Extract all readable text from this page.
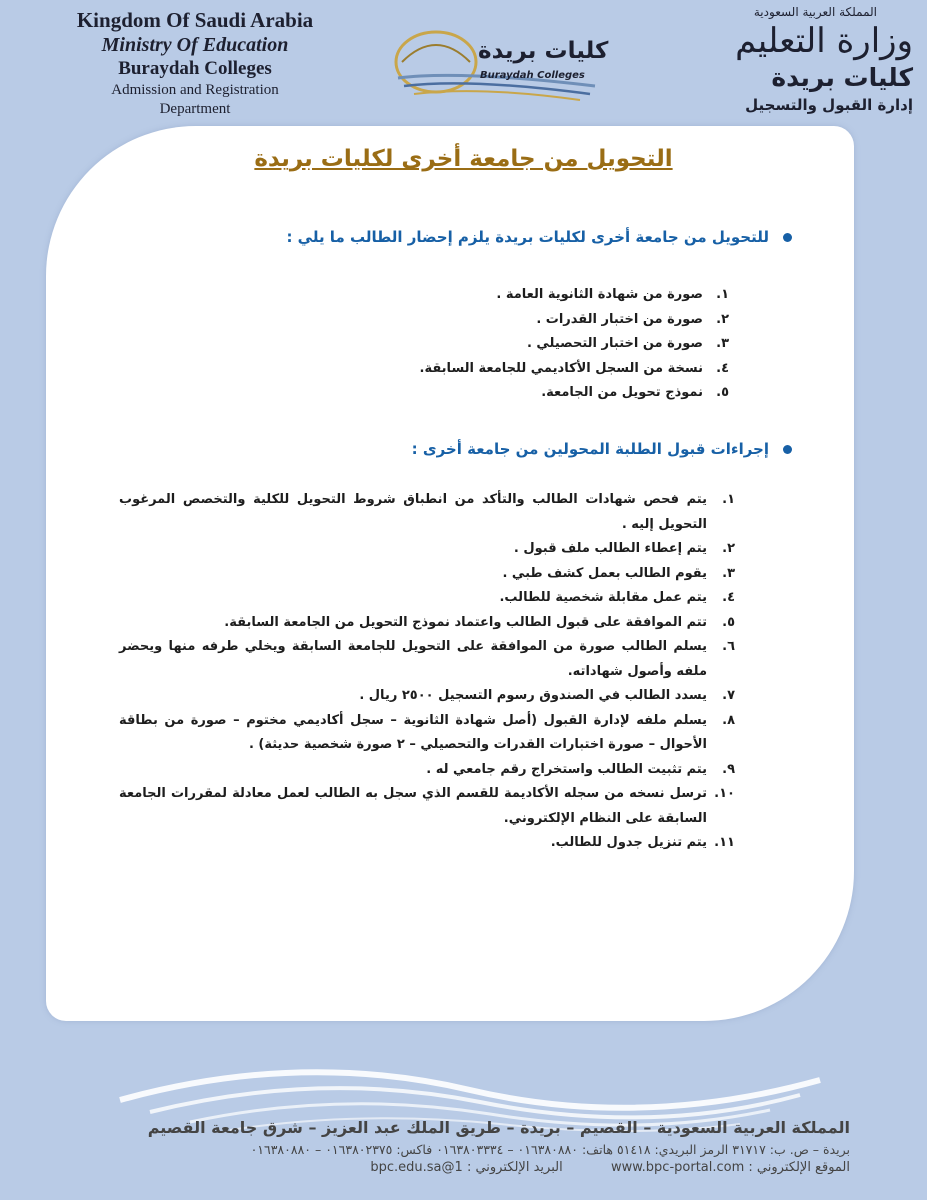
Kingdom Of Saudi Arabia
Ministry Of Education
Buraydah Colleges
Admission and Registration
Department
كليات بريدة
Buraydah Colleges
المملكة العربية السعودية
وزارة التعليم
كليات بريدة
إدارة القبول والتسجيل
التحويل من جامعة أخرى لكليات بريدة
للتحويل من جامعة أخرى لكليات بريدة يلزم إحضار الطالب ما يلي :
١.صورة من شهادة الثانوية العامة .
٢.صورة من اختبار القدرات .
٣.صورة من اختبار التحصيلي .
٤.نسخة من السجل الأكاديمي للجامعة السابقة.
٥.نموذج تحويل من الجامعة.
إجراءات قبول الطلبة المحولين من جامعة أخرى :
١.
يتم فحص شهادات الطالب والتأكد من انطباق شروط التحويل للكلية والتخصص المرغوب التحويل إليه .
٢.
يتم إعطاء الطالب ملف قبول .
٣.
يقوم الطالب بعمل كشف طبي .
٤.
يتم عمل مقابلة شخصية للطالب.
٥.
تتم الموافقة على قبول الطالب واعتماد نموذج التحويل من الجامعة السابقة.
٦.
يسلم الطالب صورة من الموافقة على التحويل للجامعة السابقة ويخلي طرفه منها ويحضر ملفه وأصول شهاداته.
٧.
يسدد الطالب في الصندوق رسوم التسجيل ٢٥٠٠ ريال .
٨.
يسلم ملفه لإدارة القبول (أصل شهادة الثانوية – سجل أكاديمي مختوم – صورة من بطاقة الأحوال – صورة اختبارات القدرات والتحصيلي – ٢ صورة شخصية حديثة) .
٩.
يتم تثبيت الطالب واستخراج رقم جامعي له .
١٠.
ترسل نسخه من سجله الأكاديمة للقسم الذي سجل به الطالب لعمل معادلة لمقررات الجامعة السابقة على النظام الإلكتروني.
١١.
يتم تنزيل جدول للطالب.
المملكة العربية السعودية – القصيم – بريدة – طريق الملك عبد العزيز – شرق جامعة القصيم
بريدة – ص. ب: ٣١٧١٧ الرمز البريدي: ٥١٤١٨ هاتف: ٠١٦٣٨٠٨٨٠ – ٠١٦٣٨٠٣٣٣٤ فاكس: ٠١٦٣٨٠٢٣٧٥ – ٠١٦٣٨٠٨٨٠
الموقع الإلكتروني : www.bpc-portal.com  البريد الإلكتروني : 1@bpc.edu.sa
